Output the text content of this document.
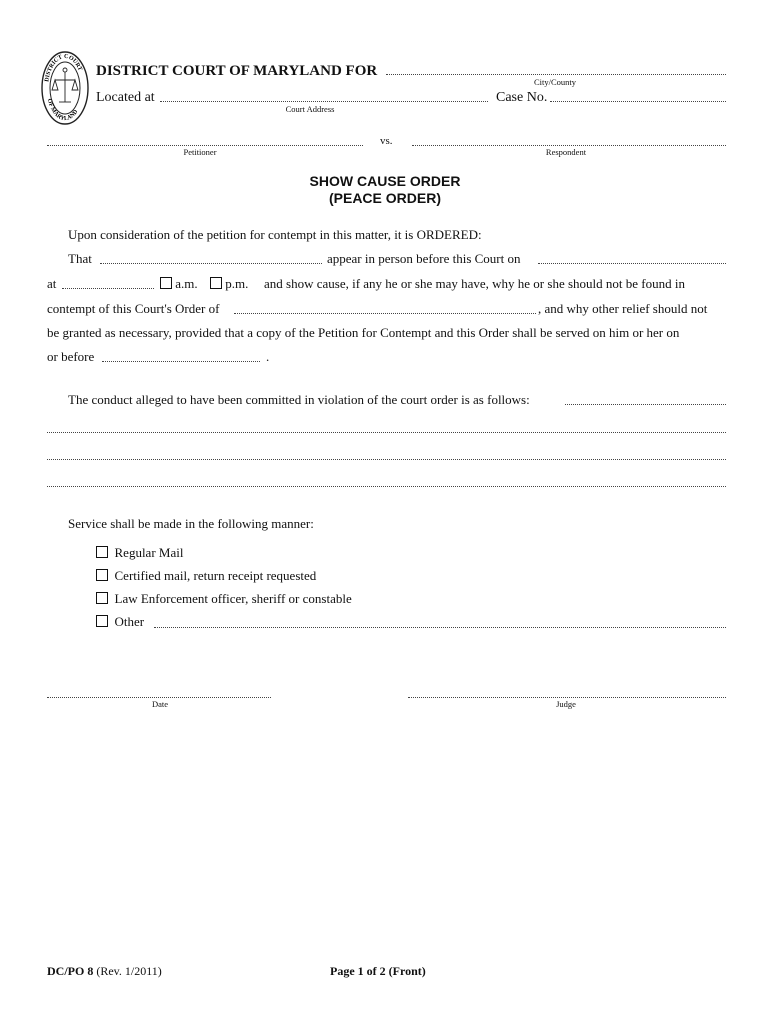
DISTRICT COURT
OF MARYLAND
DISTRICT COURT OF MARYLAND FOR
City/County
Located at
Court Address
Case No.
Petitioner
vs.
Respondent
SHOW CAUSE ORDER
(PEACE ORDER)
Upon consideration of the petition for contempt in this matter, it is ORDERED:
That	appear in person before this Court on
at	a.m.	p.m. and show cause, if any he or she may have, why he or she should not be found in
contempt of this Court's Order of	, and why other relief should not
be granted as necessary, provided that a copy of the Petition for Contempt and this Order shall be served on him or her on
or before	.
The conduct alleged to have been committed in violation of the court order is as follows:
Service shall be made in the following manner:
Regular Mail
Certified mail, return receipt requested
Law Enforcement officer, sheriff or constable
Other
Date	Judge
DC/PO 8 (Rev. 1/2011)	Page 1 of 2 (Front)
